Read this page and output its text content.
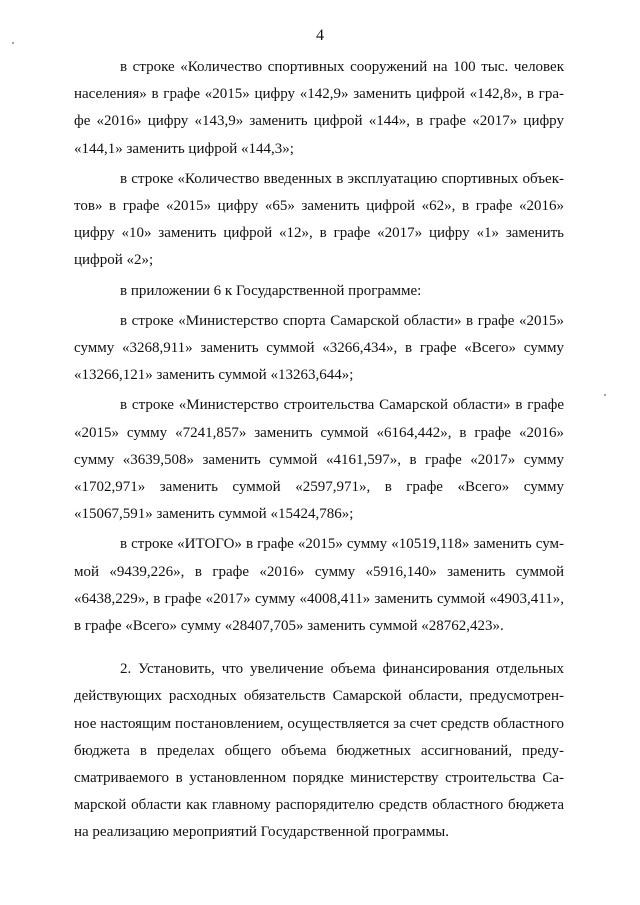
4

в строке «Количество спортивных сооружений на 100 тыс. человек населения» в графе «2015» цифру «142,9» заменить цифрой «142,8», в графе «2016» цифру «143,9» заменить цифрой «144», в графе «2017» цифру «144,1» заменить цифрой «144,3»;

в строке «Количество введенных в эксплуатацию спортивных объектов» в графе «2015» цифру «65» заменить цифрой «62», в графе «2016» цифру «10» заменить цифрой «12», в графе «2017» цифру «1» заменить цифрой «2»;

в приложении 6 к Государственной программе:

в строке «Министерство спорта Самарской области» в графе «2015» сумму «3268,911» заменить суммой «3266,434», в графе «Всего» сумму «13266,121» заменить суммой «13263,644»;

в строке «Министерство строительства Самарской области» в графе «2015» сумму «7241,857» заменить суммой «6164,442», в графе «2016» сумму «3639,508» заменить суммой «4161,597», в графе «2017» сумму «1702,971» заменить суммой «2597,971», в графе «Всего» сумму «15067,591» заменить суммой «15424,786»;

в строке «ИТОГО» в графе «2015» сумму «10519,118» заменить суммой «9439,226», в графе «2016» сумму «5916,140» заменить суммой «6438,229», в графе «2017» сумму «4008,411» заменить суммой «4903,411», в графе «Всего» сумму «28407,705» заменить суммой «28762,423».

2. Установить, что увеличение объема финансирования отдельных действующих расходных обязательств Самарской области, предусмотренное настоящим постановлением, осуществляется за счет средств областного бюджета в пределах общего объема бюджетных ассигнований, предусматриваемого в установленном порядке министерству строительства Самарской области как главному распорядителю средств областного бюджета на реализацию мероприятий Государственной программы.
